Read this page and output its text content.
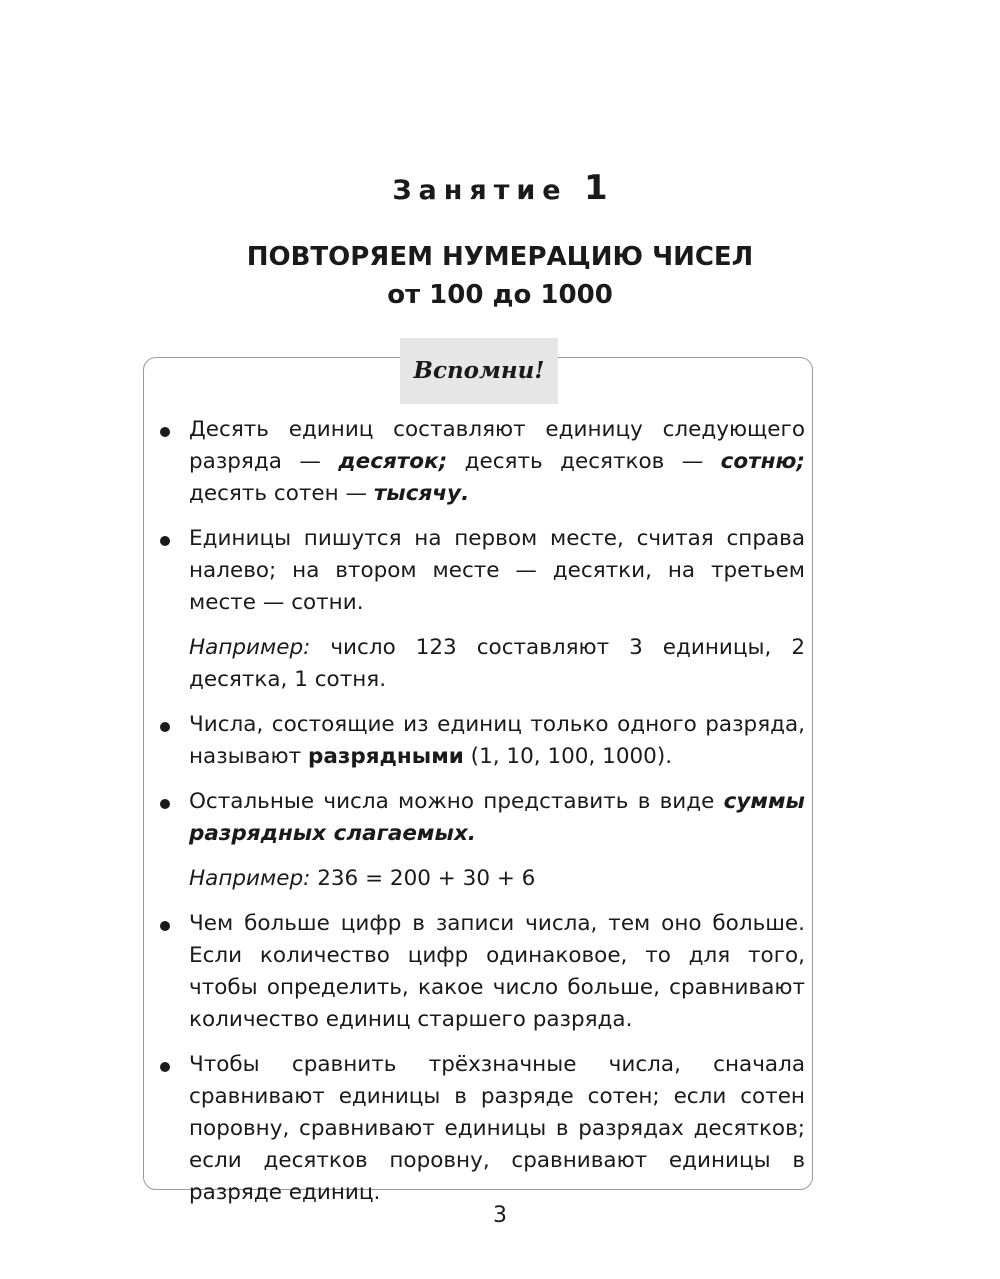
Занятие 1
ПОВТОРЯЕМ НУМЕРАЦИЮ ЧИСЕЛ
от 100 до 1000
Вспомни!
Десять единиц составляют единицу следующего разряда — десяток; десять десятков — сотню; десять сотен — тысячу.
Единицы пишутся на первом месте, считая справа налево; на втором месте — десятки, на третьем месте — сотни.
Например: число 123 составляют 3 единицы, 2 десятка, 1 сотня.
Числа, состоящие из единиц только одного разряда, называют разрядными (1, 10, 100, 1000).
Остальные числа можно представить в виде суммы разрядных слагаемых.
Например: 236 = 200 + 30 + 6
Чем больше цифр в записи числа, тем оно больше. Если количество цифр одинаковое, то для того, чтобы определить, какое число больше, сравнивают количество единиц старшего разряда.
Чтобы сравнить трёхзначные числа, сначала сравнивают единицы в разряде сотен; если сотен поровну, сравнивают единицы в разрядах десятков; если десятков поровну, сравнивают единицы в разряде единиц.
3
